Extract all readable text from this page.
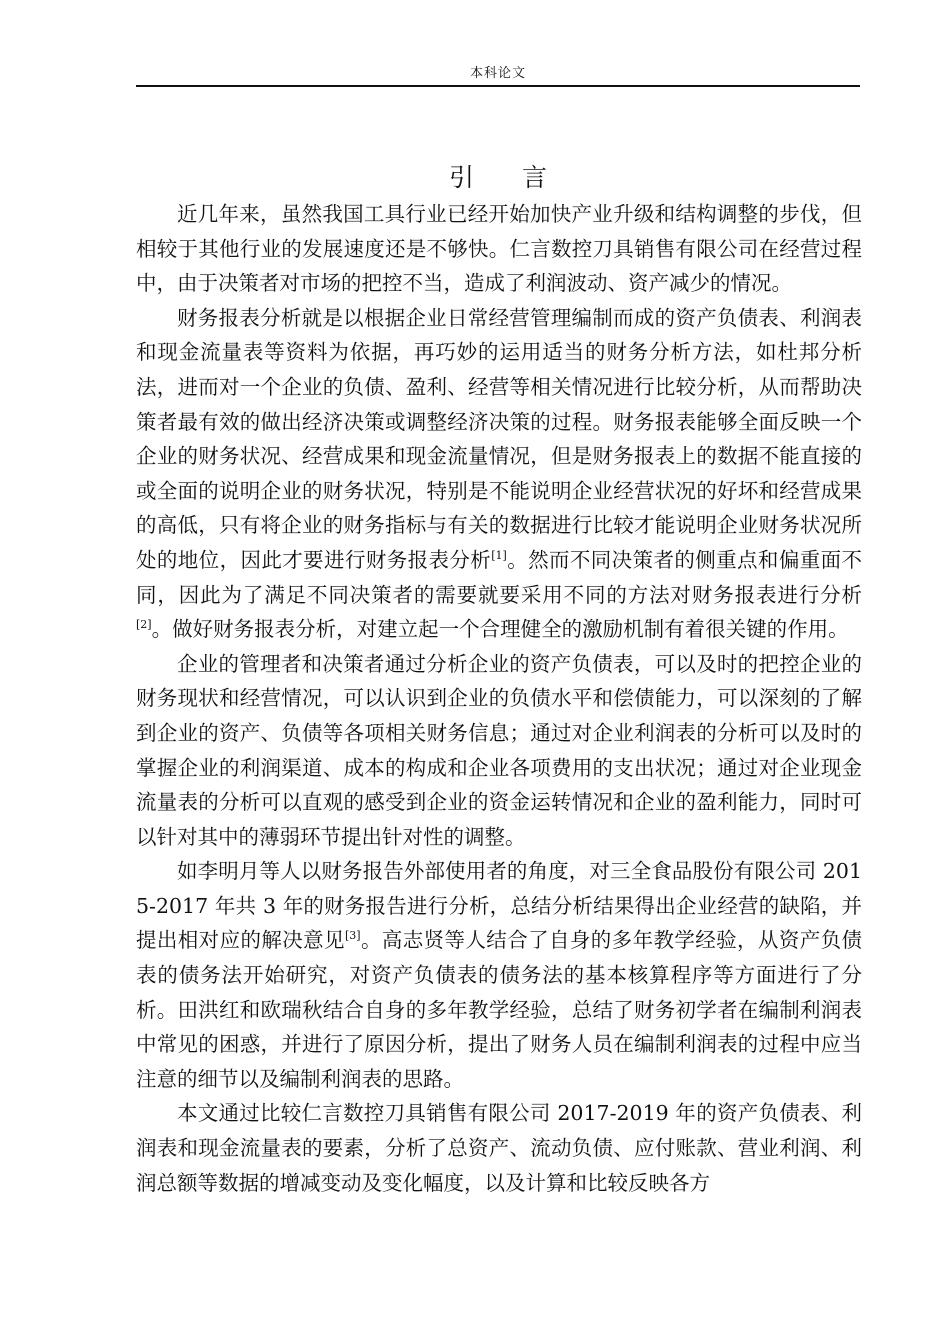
本科论文
引言

近几年来，虽然我国工具行业已经开始加快产业升级和结构调整的步伐，但相较于其他行业的发展速度还是不够快。仁言数控刀具销售有限公司在经营过程中，由于决策者对市场的把控不当，造成了利润波动、资产减少的情况。

财务报表分析就是以根据企业日常经营管理编制而成的资产负债表、利润表和现金流量表等资料为依据，再巧妙的运用适当的财务分析方法，如杜邦分析法，进而对一个企业的负债、盈利、经营等相关情况进行比较分析，从而帮助决策者最有效的做出经济决策或调整经济决策的过程。财务报表能够全面反映一个企业的财务状况、经营成果和现金流量情况，但是财务报表上的数据不能直接的或全面的说明企业的财务状况，特别是不能说明企业经营状况的好坏和经营成果的高低，只有将企业的财务指标与有关的数据进行比较才能说明企业财务状况所处的地位，因此才要进行财务报表分析[1]。然而不同决策者的侧重点和偏重面不同，因此为了满足不同决策者的需要就要采用不同的方法对财务报表进行分析[2]。做好财务报表分析，对建立起一个合理健全的激励机制有着很关键的作用。

企业的管理者和决策者通过分析企业的资产负债表，可以及时的把控企业的财务现状和经营情况，可以认识到企业的负债水平和偿债能力，可以深刻的了解到企业的资产、负债等各项相关财务信息；通过对企业利润表的分析可以及时的掌握企业的利润渠道、成本的构成和企业各项费用的支出状况；通过对企业现金流量表的分析可以直观的感受到企业的资金运转情况和企业的盈利能力，同时可以针对其中的薄弱环节提出针对性的调整。

如李明月等人以财务报告外部使用者的角度，对三全食品股份有限公司 2015-2017 年共 3 年的财务报告进行分析，总结分析结果得出企业经营的缺陷，并提出相对应的解决意见[3]。高志贤等人结合了自身的多年教学经验，从资产负债表的债务法开始研究，对资产负债表的债务法的基本核算程序等方面进行了分析。田洪红和欧瑞秋结合自身的多年教学经验，总结了财务初学者在编制利润表中常见的困惑，并进行了原因分析，提出了财务人员在编制利润表的过程中应当注意的细节以及编制利润表的思路。

本文通过比较仁言数控刀具销售有限公司 2017-2019 年的资产负债表、利润表和现金流量表的要素，分析了总资产、流动负债、应付账款、营业利润、利润总额等数据的增减变动及变化幅度，以及计算和比较反映各方
